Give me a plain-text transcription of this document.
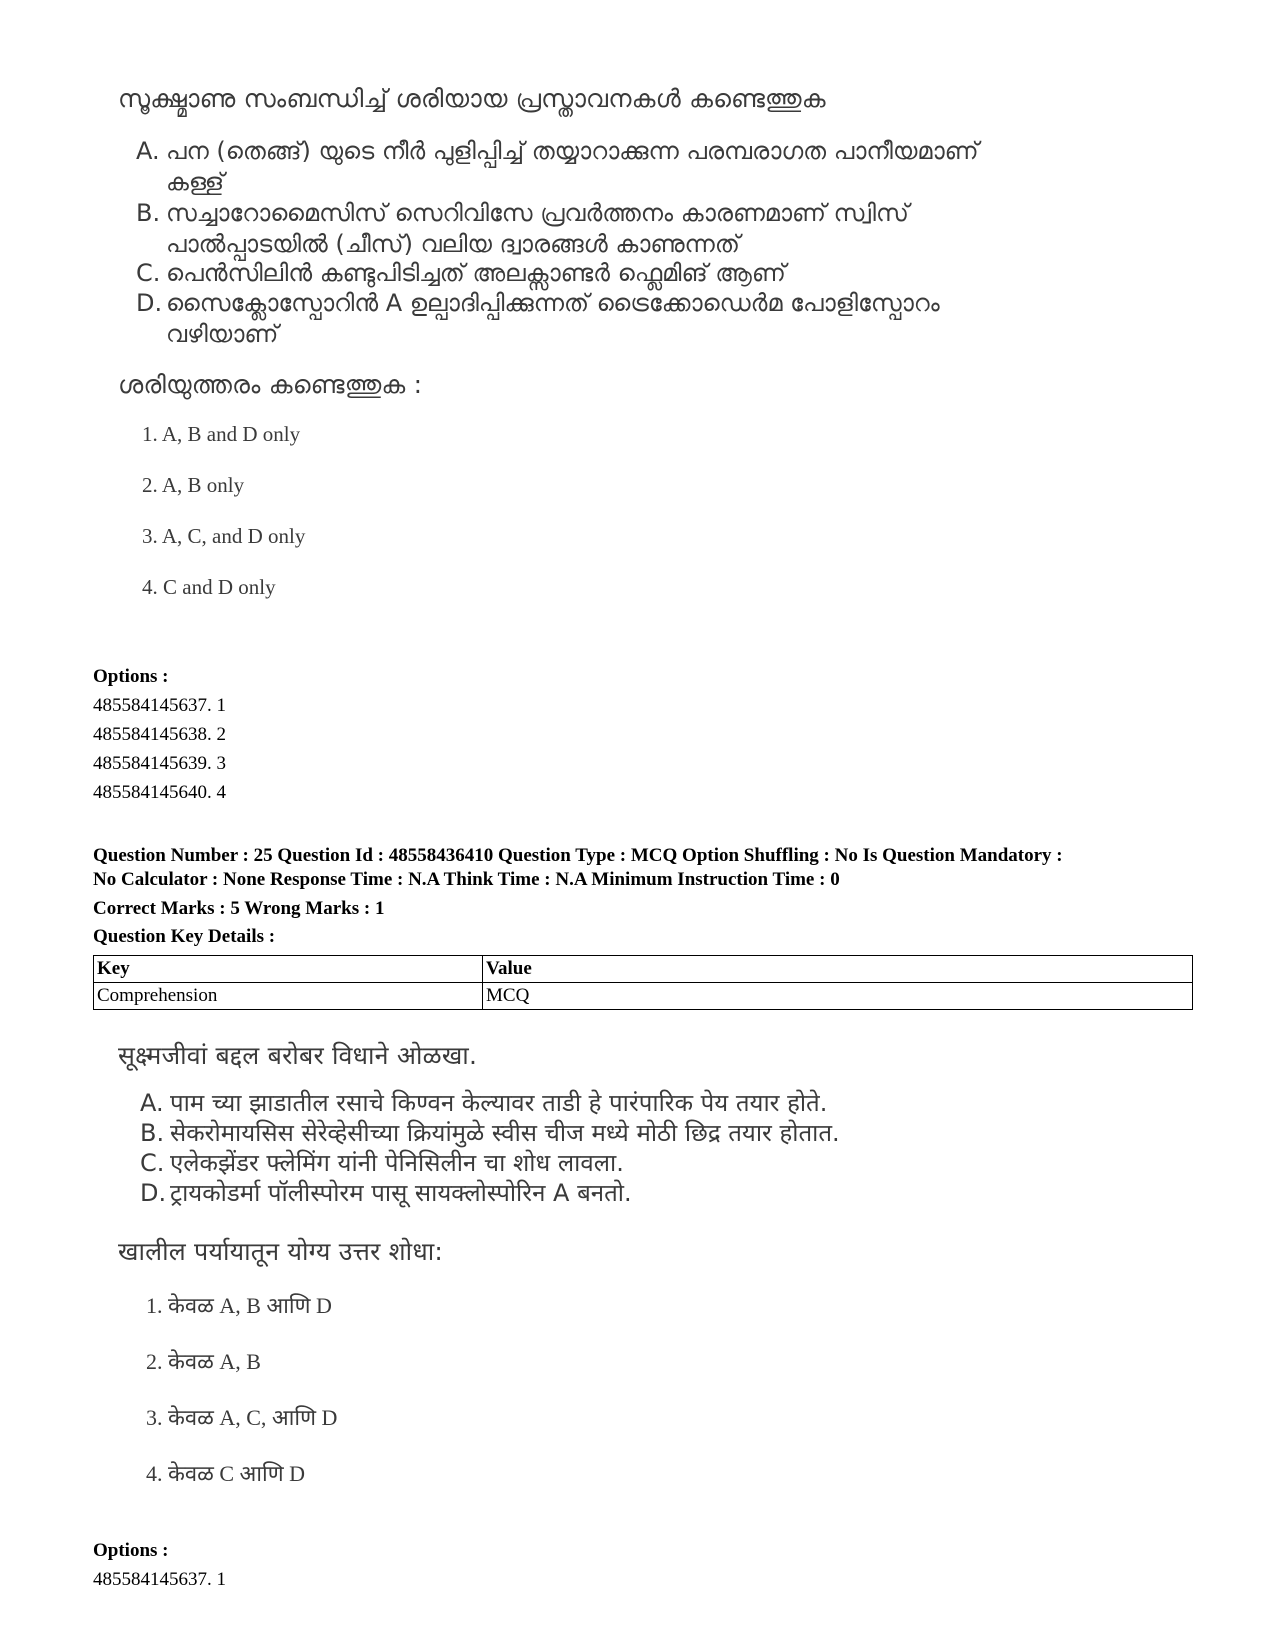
സൂക്ഷ്മാണു സംബന്ധിച്ച് ശരിയായ പ്രസ്താവനകൾ കണ്ടെത്തുക
A. പന (തെങ്ങ്) യുടെ നീർ പുളിപ്പിച്ച് തയ്യാറാക്കുന്ന പരമ്പരാഗത പാനീയമാണ്
കള്ള്
B. സച്ചാറോമൈസിസ് സെറിവിസേ പ്രവർത്തനം കാരണമാണ് സ്വിസ്
പാൽപ്പാടയിൽ (ചീസ്) വലിയ ദ്വാരങ്ങൾ കാണുന്നത്
C. പെൻസിലിൻ കണ്ടുപിടിച്ചത് അലക്സാണ്ടർ ഫ്ലെമിങ് ആണ്
D. സൈക്ലോസ്പോറിൻ A ഉല്പാദിപ്പിക്കുന്നത് ട്രൈക്കോഡെർമ പോളിസ്പോറം
വഴിയാണ്
ശരിയുത്തരം കണ്ടെത്തുക :
1. A, B and D only
2. A, B only
3. A, C, and D only
4. C and D only
Options :
485584145637. 1
485584145638. 2
485584145639. 3
485584145640. 4
Question Number : 25 Question Id : 48558436410 Question Type : MCQ Option Shuffling : No Is Question Mandatory :
No Calculator : None Response Time : N.A Think Time : N.A Minimum Instruction Time : 0
Correct Marks : 5 Wrong Marks : 1
Question Key Details :
Key	Value
Comprehension	MCQ
सूक्ष्मजीवां बद्दल बरोबर विधाने ओळखा.
A. पाम च्या झाडातील रसाचे किण्वन केल्यावर ताडी हे पारंपारिक पेय तयार होते.
B. सेकरोमायसिस सेरेव्हेसीच्या क्रियांमुळे स्वीस चीज मध्ये मोठी छिद्र तयार होतात.
C. एलेकझेंडर फ्लेमिंग यांनी पेनिसिलीन चा शोध लावला.
D. ट्रायकोडर्मा पॉलीस्पोरम पासू सायक्लोस्पोरिन A बनतो.
खालील पर्यायातून योग्य उत्तर शोधा:
1. केवळ A, B आणि D
2. केवळ A, B
3. केवळ A, C, आणि D
4. केवळ C आणि D
Options :
485584145637. 1
